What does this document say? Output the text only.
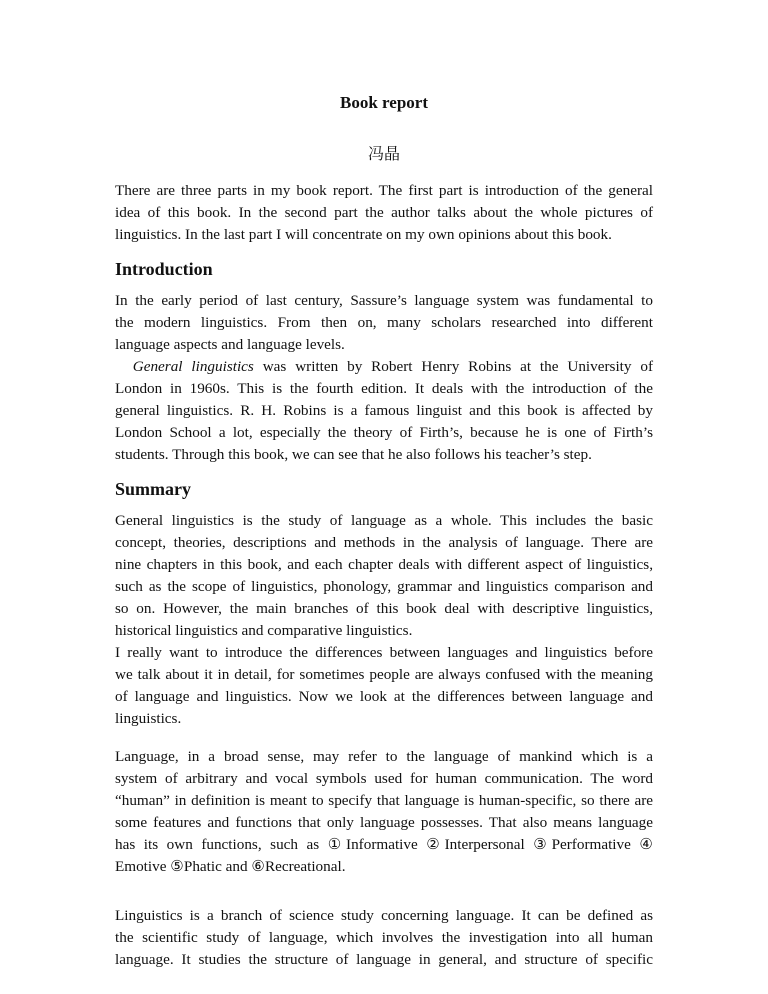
Book report
冯晶

There are three parts in my book report. The first part is introduction of the general
idea of this book. In the second part the author talks about the whole pictures of
linguistics. In the last part I will concentrate on my own opinions about this book.

Introduction

In the early period of last century, Sassure’s language system was fundamental to
the modern linguistics. From then on, many scholars researched into different
language aspects and language levels.

General linguistics was written by Robert Henry Robins at the University of
London in 1960s. This is the fourth edition. It deals with the introduction of the
general linguistics. R. H. Robins is a famous linguist and this book is affected by
London School a lot, especially the theory of Firth’s, because he is one of Firth’s
students. Through this book, we can see that he also follows his teacher’s step.

Summary

General linguistics is the study of language as a whole. This includes the basic
concept, theories, descriptions and methods in the analysis of language. There are
nine chapters in this book, and each chapter deals with different aspect of linguistics,
such as the scope of linguistics, phonology, grammar and linguistics comparison and
so on. However, the main branches of this book deal with descriptive linguistics,
historical linguistics and comparative linguistics.

I really want to introduce the differences between languages and linguistics before
we talk about it in detail, for sometimes people are always confused with the meaning
of language and linguistics. Now we look at the differences between language and
linguistics.

Language, in a broad sense, may refer to the language of mankind which is a
system of arbitrary and vocal symbols used for human communication. The word
“human” in definition is meant to specify that language is human-specific, so there are
some features and functions that only language possesses. That also means language
has its own functions, such as ①Informative ②Interpersonal ③Performative ④
Emotive ⑤Phatic and ⑥Recreational.

Linguistics is a branch of science study concerning language. It can be defined as
the scientific study of language, which involves the investigation into all human
language. It studies the structure of language in general, and structure of specific
